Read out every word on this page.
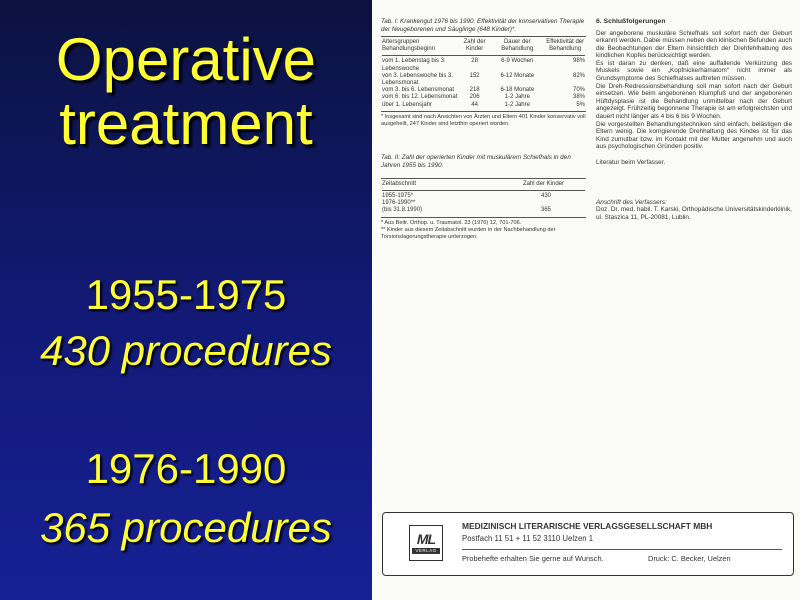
Operative
treatment
1955-1975
430 procedures
1976-1990
365 procedures
Tab. I: Krankengut 1976 bis 1990. Effektivität der konservativen Therapie der Neugeborenen und Säuglinge (648 Kinder)*.
Altersgruppen Behandlungsbeginn	Zahl der Kinder	Dauer der Behandlung	Effektivität der Behandlung

vom 1. Lebenstag bis 3. Lebenswoche	28	6-9 Wochen	98%
von 3. Lebenswoche bis 3. Lebensmonat	152	6-12 Monate	82%
vom 3. bis 6. Lebensmonat	218	6-18 Monate	70%
vom 6. bis 12. Lebensmonat	206	1-2 Jahre	38%
über 1. Lebensjahr	44	1-2 Jahre	5%
* Insgesamt sind nach Ansichten von Ärzten und Eltern 401 Kinder konservativ voll ausgeheilt, 247 Kinder sind letzthin operiert worden.
Tab. II: Zahl der operierten Kinder mit muskulärem Schiefhals in den Jahren 1955 bis 1990.
Zeitabschnitt	Zahl der Kinder

1955-1975*	430
1976-1990**	
(bis 31.8.1990)	365
* Aus Beitr. Orthop. u. Traumatol. 23 (1976) 12, 701-706.
** Kinder aus diesem Zeitabschnitt wurden in der Nachbehandlung der Torsionslagerungstherapie unterzogen.
6. Schlußfolgerungen
Der angeborene muskuläre Schiefhals soll sofort nach der Geburt erkannt werden. Dabei müssen neben den klinischen Befunden auch die Beobachtungen der Eltern hinsichtlich der Drehfehlhaltung des kindlichen Kopfes berücksichtigt werden.
Es ist daran zu denken, daß eine auffallende Verkürzung des Muskels sowie ein „Kopfnickerhämatom“ nicht immer als Grundsymptome des Schiefhalses auftreten müssen.
Die Dreh-Redressionsbehandlung soll man sofort nach der Geburt einsetzen. Wie beim angeborenen Klumpfuß und der angeborenen Hüftdysplasie ist die Behandlung unmittelbar nach der Geburt angezeigt. Frühzeitig begonnene Therapie ist am erfolgreichsten und dauert nicht länger als 4 bis 6 bis 9 Wochen.
Die vorgestellten Behandlungstechniken sind einfach, belästigen die Eltern wenig. Die korrigierende Drehhaltung des Kindes ist für das Kind zumutbar bzw. im Kontakt mit der Mutter angenehm und auch aus psychologischen Gründen positiv.
Literatur beim Verfasser.
Anschrift des Verfassers:
Doz. Dr. med. habil. T. Karski, Orthopädische Universitätskinderklinik, ul. Staszica 11, PL-20081, Lublin.
ML
VERLAG
MEDIZINISCH LITERARISCHE VERLAGSGESELLSCHAFT MBH
Postfach 11 51 + 11 52 3110 Uelzen 1
Probehefte erhalten Sie gerne auf Wunsch.	Druck: C. Becker, Uelzen
